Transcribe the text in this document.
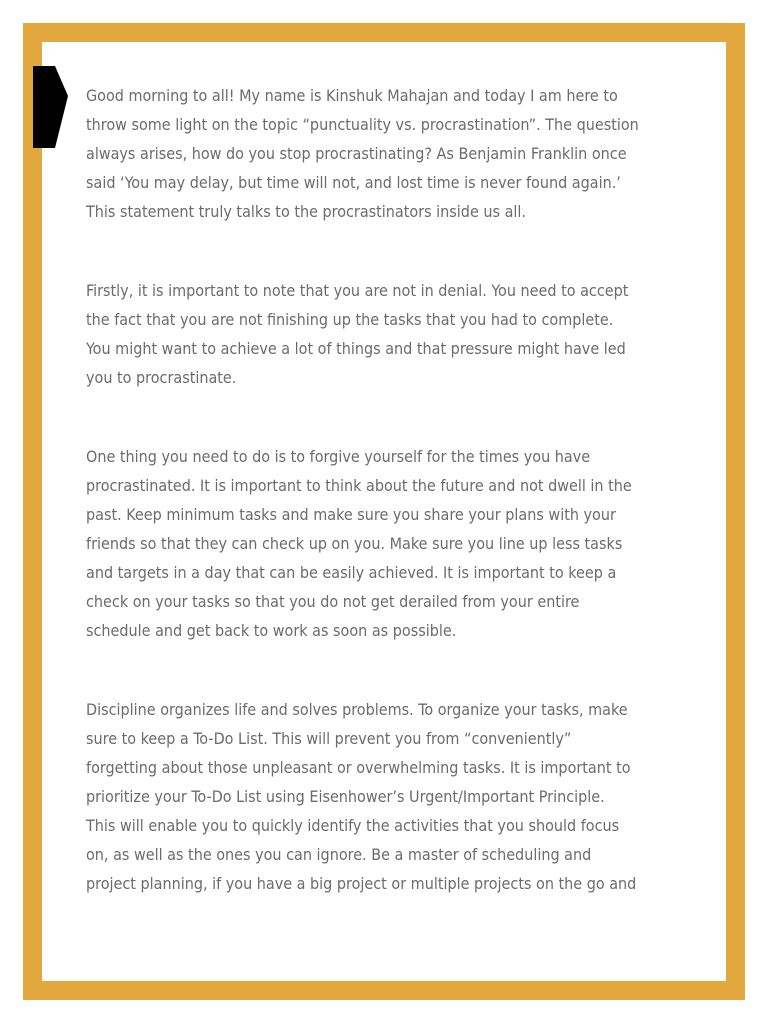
Good morning to all! My name is Kinshuk Mahajan and today I am here to
throw some light on the topic “punctuality vs. procrastination”. The question
always arises, how do you stop procrastinating? As Benjamin Franklin once
said ‘You may delay, but time will not, and lost time is never found again.’
This statement truly talks to the procrastinators inside us all.

Firstly, it is important to note that you are not in denial. You need to accept
the fact that you are not finishing up the tasks that you had to complete.
You might want to achieve a lot of things and that pressure might have led
you to procrastinate.

One thing you need to do is to forgive yourself for the times you have
procrastinated. It is important to think about the future and not dwell in the
past. Keep minimum tasks and make sure you share your plans with your
friends so that they can check up on you. Make sure you line up less tasks
and targets in a day that can be easily achieved. It is important to keep a
check on your tasks so that you do not get derailed from your entire
schedule and get back to work as soon as possible.

Discipline organizes life and solves problems. To organize your tasks, make
sure to keep a To-Do List. This will prevent you from “conveniently”
forgetting about those unpleasant or overwhelming tasks. It is important to
prioritize your To-Do List using Eisenhower’s Urgent/Important Principle.
This will enable you to quickly identify the activities that you should focus
on, as well as the ones you can ignore. Be a master of scheduling and
project planning, if you have a big project or multiple projects on the go and
